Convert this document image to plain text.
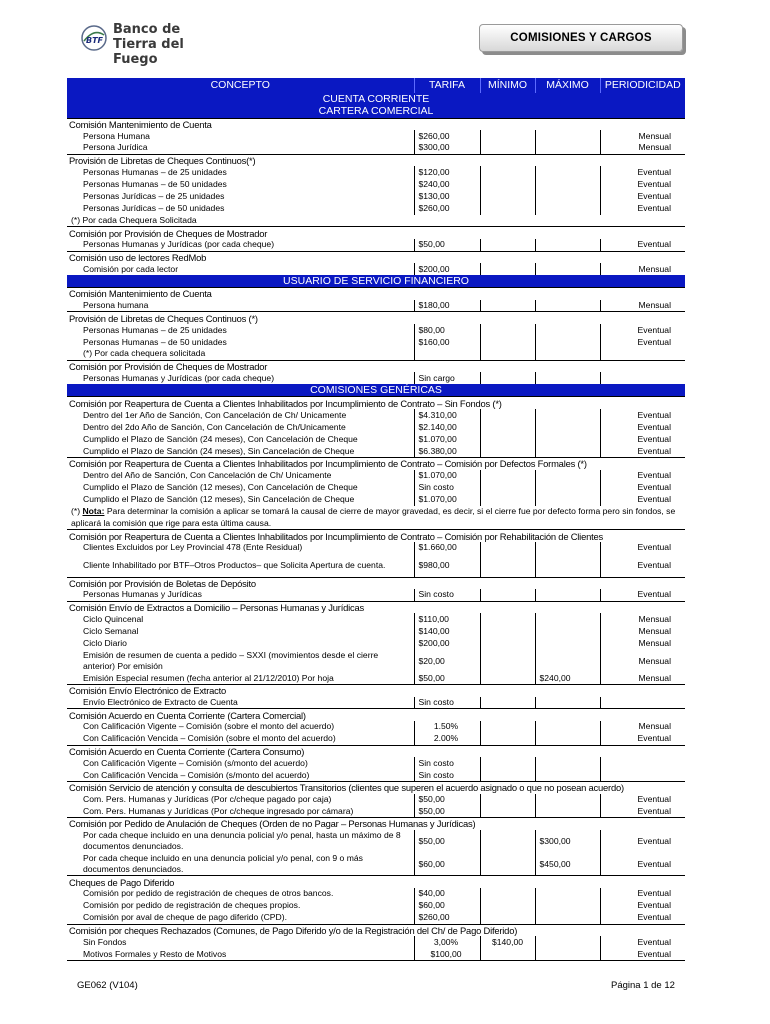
BTF
Banco de
Tierra del Fuego
COMISIONES Y CARGOS
CONCEPTO	TARIFA	MÍNIMO	MÁXIMO	PERIODICIDAD
CUENTA CORRIENTE				
CARTERA COMERCIAL				
Comisión Mantenimiento de Cuenta				
Persona Humana	$260,00			Mensual
Persona Jurídica	$300,00			Mensual
Provisión de Libretas de Cheques Continuos(*)				
Personas Humanas – de 25 unidades	$120,00			Eventual
Personas Humanas – de 50 unidades	$240,00			Eventual
Personas Jurídicas – de 25 unidades	$130,00			Eventual
Personas Jurídicas – de 50 unidades	$260,00			Eventual
(*) Por cada Chequera Solicitada				
Comisión por Provisión de Cheques de Mostrador				
Personas Humanas y Jurídicas (por cada cheque)	$50,00			Eventual
Comisión uso de lectores RedMob				
Comisión por cada lector	$200,00			Mensual
USUARIO DE SERVICIO FINANCIERO				
Comisión Mantenimiento de Cuenta				
Persona humana	$180,00			Mensual
Provisión de Libretas de Cheques Continuos (*)				
Personas Humanas – de 25 unidades	$80,00			Eventual
Personas Humanas – de 50 unidades	$160,00			Eventual
(*) Por cada chequera solicitada				
Comisión por Provisión de Cheques de Mostrador				
Personas Humanas y Jurídicas (por cada cheque)	Sin cargo			
COMISIONES GENÉRICAS				
Comisión por Reapertura de Cuenta a Clientes Inhabilitados por Incumplimiento de Contrato – Sin Fondos (*)				
Dentro del 1er Año de Sanción, Con Cancelación de Ch/ Unicamente	$4.310,00			Eventual
Dentro del 2do Año de Sanción, Con Cancelación de Ch/Unicamente	$2.140,00			Eventual
Cumplido el Plazo de Sanción (24 meses), Con Cancelación de Cheque	$1.070,00			Eventual
Cumplido el Plazo de Sanción (24 meses), Sin Cancelación de Cheque	$6.380,00			Eventual
Comisión por Reapertura de Cuenta a Clientes Inhabilitados por Incumplimiento de Contrato – Comisión por Defectos Formales (*)				
Dentro del Año de Sanción, Con Cancelación de Ch/ Unicamente	$1.070,00			Eventual
Cumplido el Plazo de Sanción (12 meses), Con Cancelación de Cheque	Sin costo			Eventual
Cumplido el Plazo de Sanción (12 meses), Sin Cancelación de Cheque	$1.070,00			Eventual
(*) Nota: Para determinar la comisión a aplicar se tomará la causal de cierre de mayor gravedad, es decir, si el cierre fue por defecto forma pero sin fondos, se aplicará la comisión que rige para esta última causa.				
Comisión por Reapertura de Cuenta a Clientes Inhabilitados por Incumplimiento de Contrato – Comisión por Rehabilitación de Clientes				
Clientes Excluidos por Ley Provincial 478 (Ente Residual)	$1.660,00			Eventual
Cliente Inhabilitado por BTF–Otros Productos– que Solicita Apertura de cuenta.	$980,00			Eventual
Comisión por Provisión de Boletas de Depósito				
Personas Humanas y Jurídicas	Sin costo			Eventual
Comisión Envío de Extractos a Domicilio – Personas Humanas y Jurídicas				
Ciclo Quincenal	$110,00			Mensual
Ciclo Semanal	$140,00			Mensual
Ciclo Diario	$200,00			Mensual
Emisión de resumen de cuenta a pedido – SXXI (movimientos desde el cierre anterior) Por emisión	$20,00			Mensual
Emisión Especial resumen (fecha anterior al 21/12/2010) Por hoja	$50,00		$240,00	Mensual
Comisión Envío Electrónico de Extracto				
Envío Electrónico de Extracto de Cuenta	Sin costo			
Comisión Acuerdo en Cuenta Corriente (Cartera Comercial)				
Con Calificación Vigente – Comisión (sobre el monto del acuerdo)	1.50%			Mensual
Con Calificación Vencida – Comisión (sobre el monto del acuerdo)	2.00%			Eventual
Comisión Acuerdo en Cuenta Corriente (Cartera Consumo)				
Con Calificación Vigente – Comisión (s/monto del acuerdo)	Sin costo			
Con Calificación Vencida – Comisión (s/monto del acuerdo)	Sin costo			
Comisión Servicio de atención y consulta de descubiertos Transitorios (clientes que superen el acuerdo asignado o que no posean acuerdo)				
Com. Pers. Humanas y Jurídicas (Por c/cheque pagado por caja)	$50,00			Eventual
Com. Pers. Humanas y Jurídicas (Por c/cheque ingresado por cámara)	$50,00			Eventual
Comisión por Pedido de Anulación de Cheques (Orden de no Pagar – Personas Humanas y Jurídicas)				
Por cada cheque incluido en una denuncia policial y/o penal, hasta un máximo de 8 documentos denunciados.	$50,00		$300,00	Eventual
Por cada cheque incluido en una denuncia policial y/o penal, con 9 o más documentos denunciados.	$60,00		$450,00	Eventual
Cheques de Pago Diferido				
Comisión por pedido de registración de cheques de otros bancos.	$40,00			Eventual
Comisión por pedido de registración de cheques propios.	$60,00			Eventual
Comisión por aval de cheque de pago diferido (CPD).	$260,00			Eventual
Comisión por cheques Rechazados (Comunes, de Pago Diferido y/o de la Registración del Ch/ de Pago Diferido)				
Sin Fondos	3,00%	$140,00		Eventual
Motivos Formales y Resto de Motivos	$100,00			Eventual
GE062 (V104)	Página 1 de 12
